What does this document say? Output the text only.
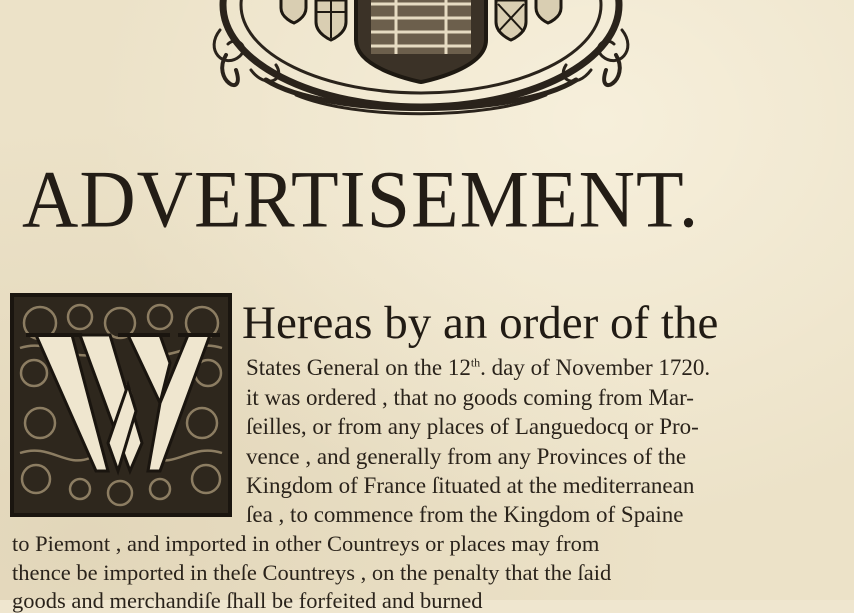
ADVERTISEMENT.
Hereas by an order of the
States General on the 12th. day of November 1720.
it was ordered , that no goods coming from Mar-
ſeilles, or from any places of Languedocq or Pro-
vence , and generally from any Provinces of the
Kingdom of France ſituated at the mediterranean
ſea , to commence from the Kingdom of Spaine
to Piemont , and imported in other Countreys or places may from
thence be imported in theſe Countreys , on the penalty that the ſaid
goods and merchandiſe ſhall be forfeited and burned
